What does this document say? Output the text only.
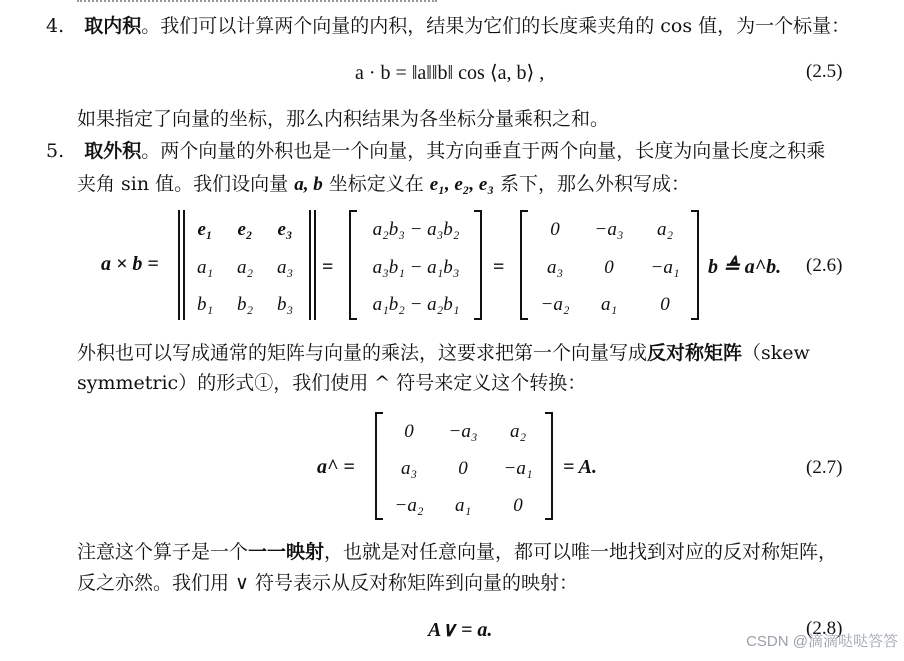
4. 取内积。我们可以计算两个向量的内积，结果为它们的长度乘夹角的 cos 值，为一个标量：
a · b = ‖a‖‖b‖ cos ⟨a, b⟩ ,	(2.5)
如果指定了向量的坐标，那么内积结果为各坐标分量乘积之和。
5. 取外积。两个向量的外积也是一个向量，其方向垂直于两个向量，长度为向量长度之积乘
夹角 sin 值。我们设向量 a, b 坐标定义在 e₁, e₂, e₃ 系下，那么外积写成：
a × b =
e₁	e₂	e₃
a₁	a₂	a₃
b₁	b₂	b₃
=
a₂b₃ − a₃b₂
a₃b₁ − a₁b₃
a₁b₂ − a₂b₁
=
0	−a₃	a₂
a₃	0	−a₁
−a₂	a₁	0
b ≜ a^b. (2.6)
外积也可以写成通常的矩阵与向量的乘法，这要求把第一个向量写成反对称矩阵（skew
symmetric）的形式①，我们使用 ^ 符号来定义这个转换：
a^ =
0	−a₃	a₂
a₃	0	−a₁
−a₂	a₁	0
= A.	(2.7)
注意这个算子是一个一一映射，也就是对任意向量，都可以唯一地找到对应的反对称矩阵，
反之亦然。我们用 ∨ 符号表示从反对称矩阵到向量的映射：
A∨ = a.	(2.8)
CSDN @滴滴哒哒答答
